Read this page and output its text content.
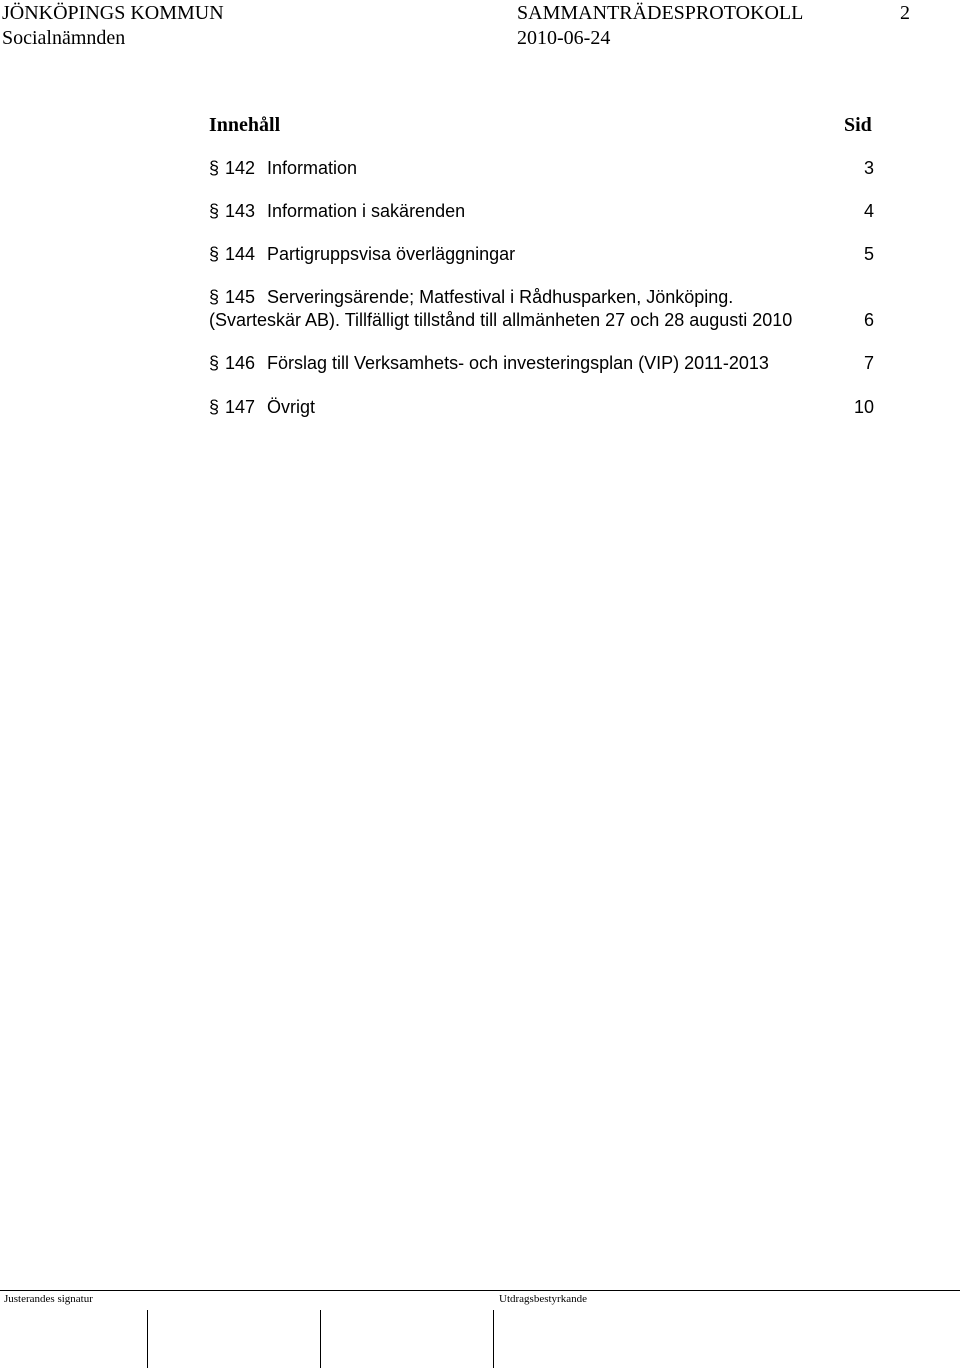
JÖNKÖPINGS KOMMUN
Socialnämnden
SAMMANTRÄDESPROTOKOLL
2010-06-24
2
Innehåll	Sid
§ 142 Information	3
§ 143 Information i sakärenden	4
§ 144 Partigruppsvisa överläggningar	5
§ 145 Serveringsärende; Matfestival i Rådhusparken, Jönköping.
(Svarteskär AB). Tillfälligt tillstånd till allmänheten 27 och 28 augusti 2010	6
§ 146 Förslag till Verksamhets- och investeringsplan (VIP) 2011-2013	7
§ 147 Övrigt	10
Justerandes signatur	Utdragsbestyrkande
